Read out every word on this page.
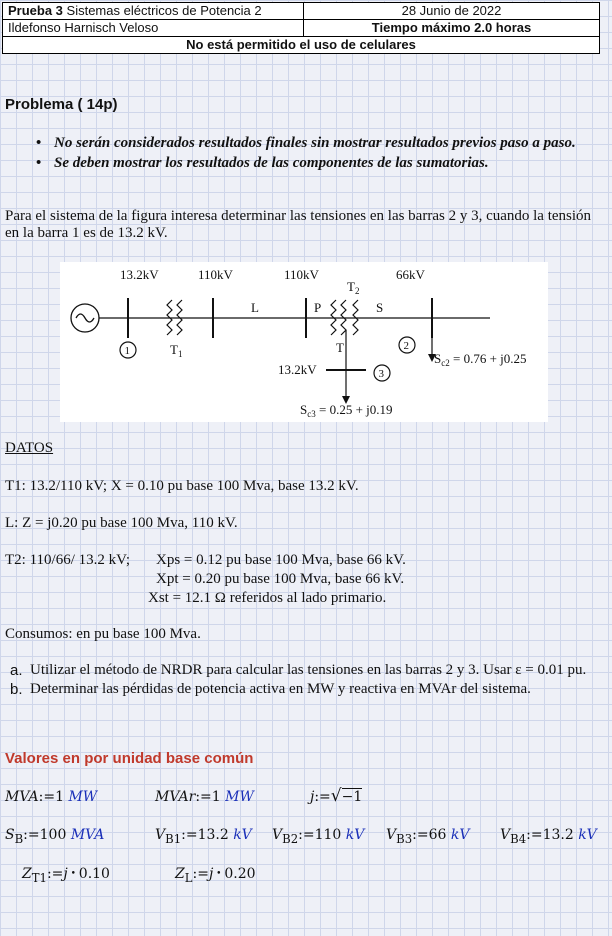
Prueba 3 Sistemas eléctricos de Potencia 2	28 Junio de 2022
Ildefonso Harnisch Veloso	Tiempo máximo 2.0 horas
No está permitido el uso de celulares	
Problema ( 14p)
• No serán considerados resultados finales sin mostrar resultados previos paso a paso.
• Se deben mostrar los resultados de las componentes de las sumatorias.
Para el sistema de la figura interesa determinar las tensiones en las barras 2 y 3, cuando la tensión en la barra 1 es de 13.2 kV.
13.2kV	110kV	110kV	66kV
$T_2$
1	$T_1$
L	P	S
2
$S_{c2} = 0.76 + j0.25$
T
13.2kV	3
$S_{c3} = 0.25 + j0.19$
DATOS
T1: 13.2/110 kV; X = 0.10 pu base 100 Mva, base 13.2 kV.
L: Z = j0.20 pu base 100 Mva, 110 kV.
T2: 110/66/ 13.2 kV; Xps = 0.12 pu base 100 Mva, base 66 kV.
Xpt = 0.20 pu base 100 Mva, base 66 kV.
Xst = 12.1 Ω referidos al lado primario.
Consumos: en pu base 100 Mva.
a. Utilizar el método de NRDR para calcular las tensiones en las barras 2 y 3. Usar ε = 0.01 pu.
b. Determinar las pérdidas de potencia activa en MW y reactiva en MVAr del sistema.
Valores en por unidad base común
MVA:=1 MW	MVAr:=1 MW	j:=√−1
$S_B:=100$ MVA	$V_{B1}:=13.2$ kV $V_{B2}:=110$ kV $V_{B3}:=66$ kV $V_{B4}:=13.2$ kV
$Z_{T1}:=j$ • 0.10	$Z_L:=j$ • 0.20
